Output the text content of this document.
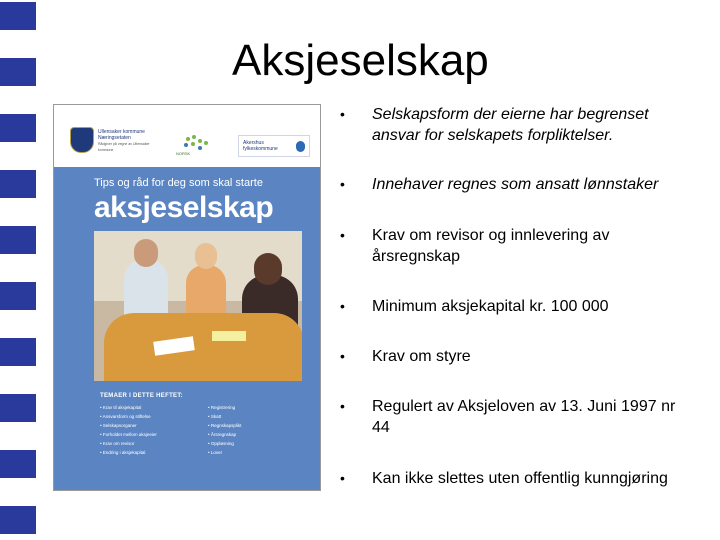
Aksjeselskap
Ullensaker kommune Næringsetaten
Rådgiver på vegne av Ullensaker kommune
NORSK
Akershus fylkeskommune
Tips og råd for deg som skal starte
aksjeselskap
TEMAER I DETTE HEFTET:
• Krav til aksjekapital
• Ansvarsform og stiftelse
• Selskapsorganer
• Forholdet mellom aksjeeier
• Krav om revisor
• Endring i aksjekapital
• Registrering
• Skatt
• Regnskapsplikt
• Årsregnskap
• Oppløsning
• Lover
•	Selskapsform der eierne har begrenset
ansvar for selskapets forpliktelser.
•	Innehaver regnes som ansatt lønnstaker
•	Krav om revisor og innlevering av
årsregnskap
•	Minimum aksjekapital kr. 100 000
•	Krav om styre
•	Regulert av Aksjeloven av 13. Juni 1997 nr
44
•	Kan ikke slettes uten offentlig kunngjøring
